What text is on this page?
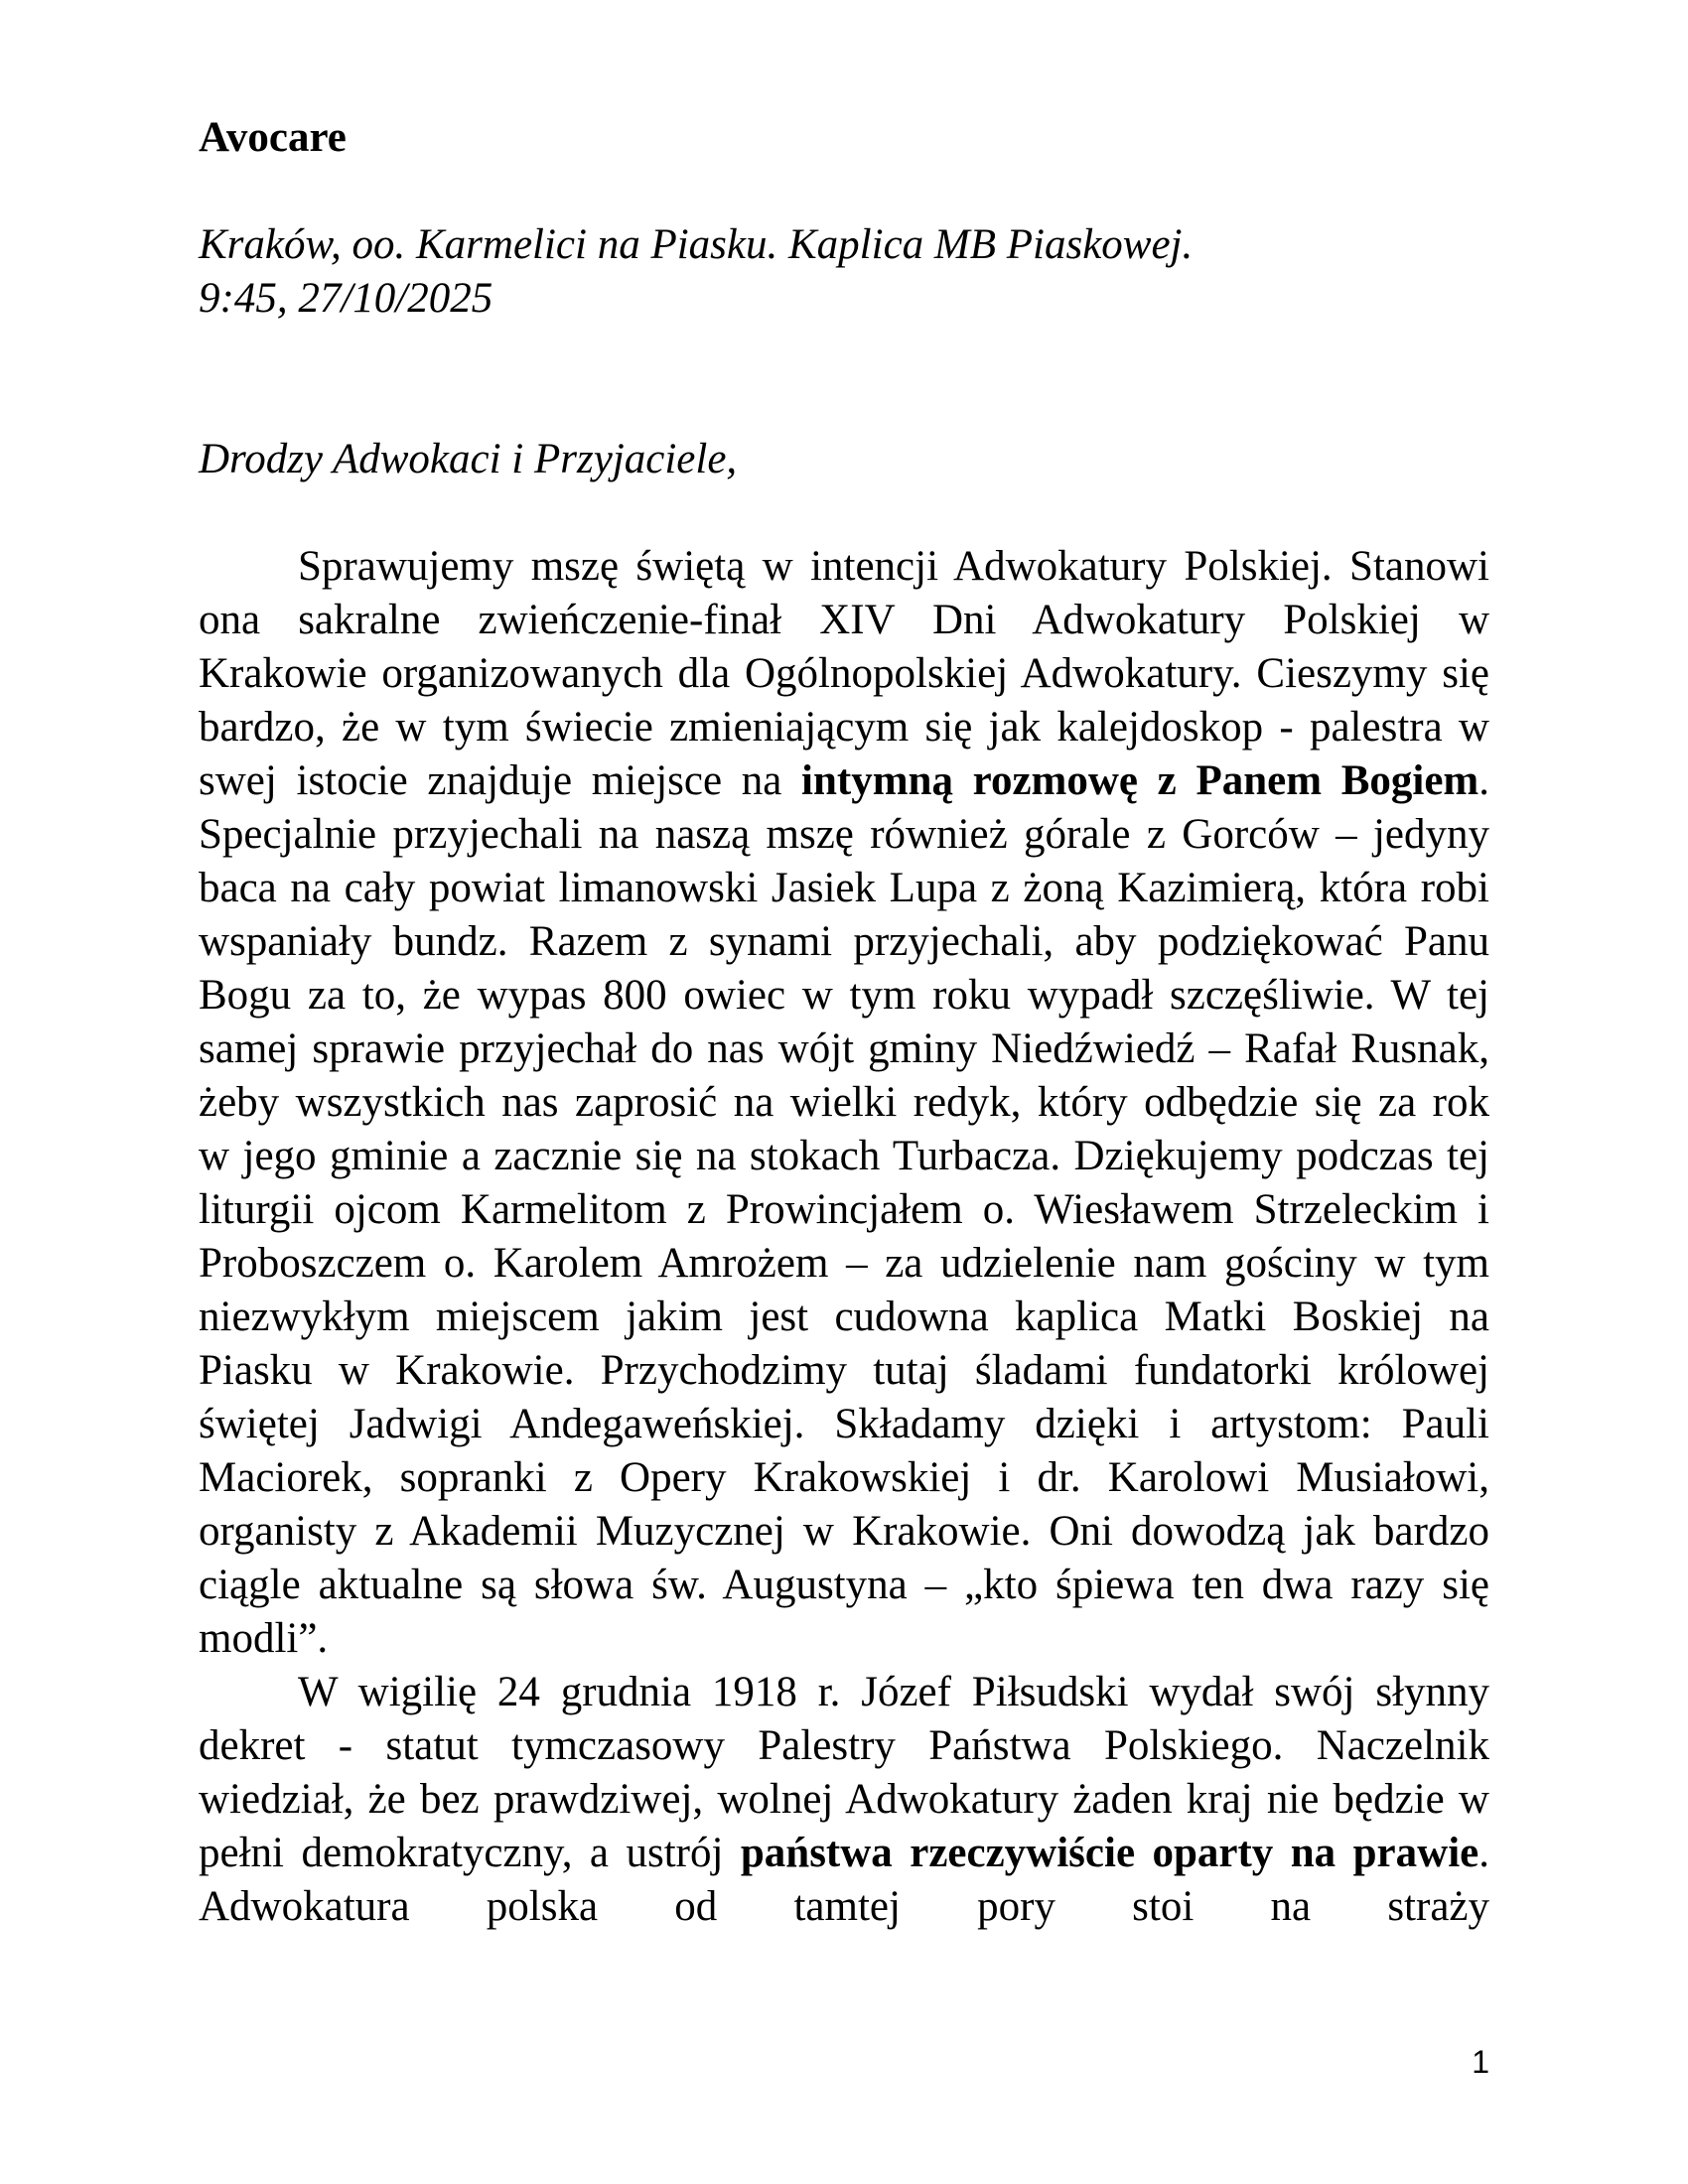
Avocare
Kraków, oo. Karmelici na Piasku. Kaplica MB Piaskowej.
9:45, 27/10/2025
Drodzy Adwokaci i Przyjaciele,

Sprawujemy mszę świętą w intencji Adwokatury Polskiej. Stanowi ona sakralne zwieńczenie-finał XIV Dni Adwokatury Polskiej w Krakowie organizowanych dla Ogólnopolskiej Adwokatury. Cieszymy się bardzo, że w tym świecie zmieniającym się jak kalejdoskop - palestra w swej istocie znajduje miejsce na intymną rozmowę z Panem Bogiem. Specjalnie przyjechali na naszą mszę również górale z Gorców – jedyny baca na cały powiat limanowski Jasiek Lupa z żoną Kazimierą, która robi wspaniały bundz. Razem z synami przyjechali, aby podziękować Panu Bogu za to, że wypas 800 owiec w tym roku wypadł szczęśliwie. W tej samej sprawie przyjechał do nas wójt gminy Niedźwiedź – Rafał Rusnak, żeby wszystkich nas zaprosić na wielki redyk, który odbędzie się za rok w jego gminie a zacznie się na stokach Turbacza. Dziękujemy podczas tej liturgii ojcom Karmelitom z Prowincjałem o. Wiesławem Strzeleckim i Proboszczem o. Karolem Amrożem – za udzielenie nam gościny w tym niezwykłym miejscem jakim jest cudowna kaplica Matki Boskiej na Piasku w Krakowie. Przychodzimy tutaj śladami fundatorki królowej świętej Jadwigi Andegaweńskiej. Składamy dzięki i artystom: Pauli Maciorek, sopranki z Opery Krakowskiej i dr. Karolowi Musiałowi, organisty z Akademii Muzycznej w Krakowie. Oni dowodzą jak bardzo ciągle aktualne są słowa św. Augustyna – „kto śpiewa ten dwa razy się modli”.

W wigilię 24 grudnia 1918 r. Józef Piłsudski wydał swój słynny dekret - statut tymczasowy Palestry Państwa Polskiego. Naczelnik wiedział, że bez prawdziwej, wolnej Adwokatury żaden kraj nie będzie w pełni demokratyczny, a ustrój państwa rzeczywiście oparty na prawie. Adwokatura polska od tamtej pory stoi na straży

1
